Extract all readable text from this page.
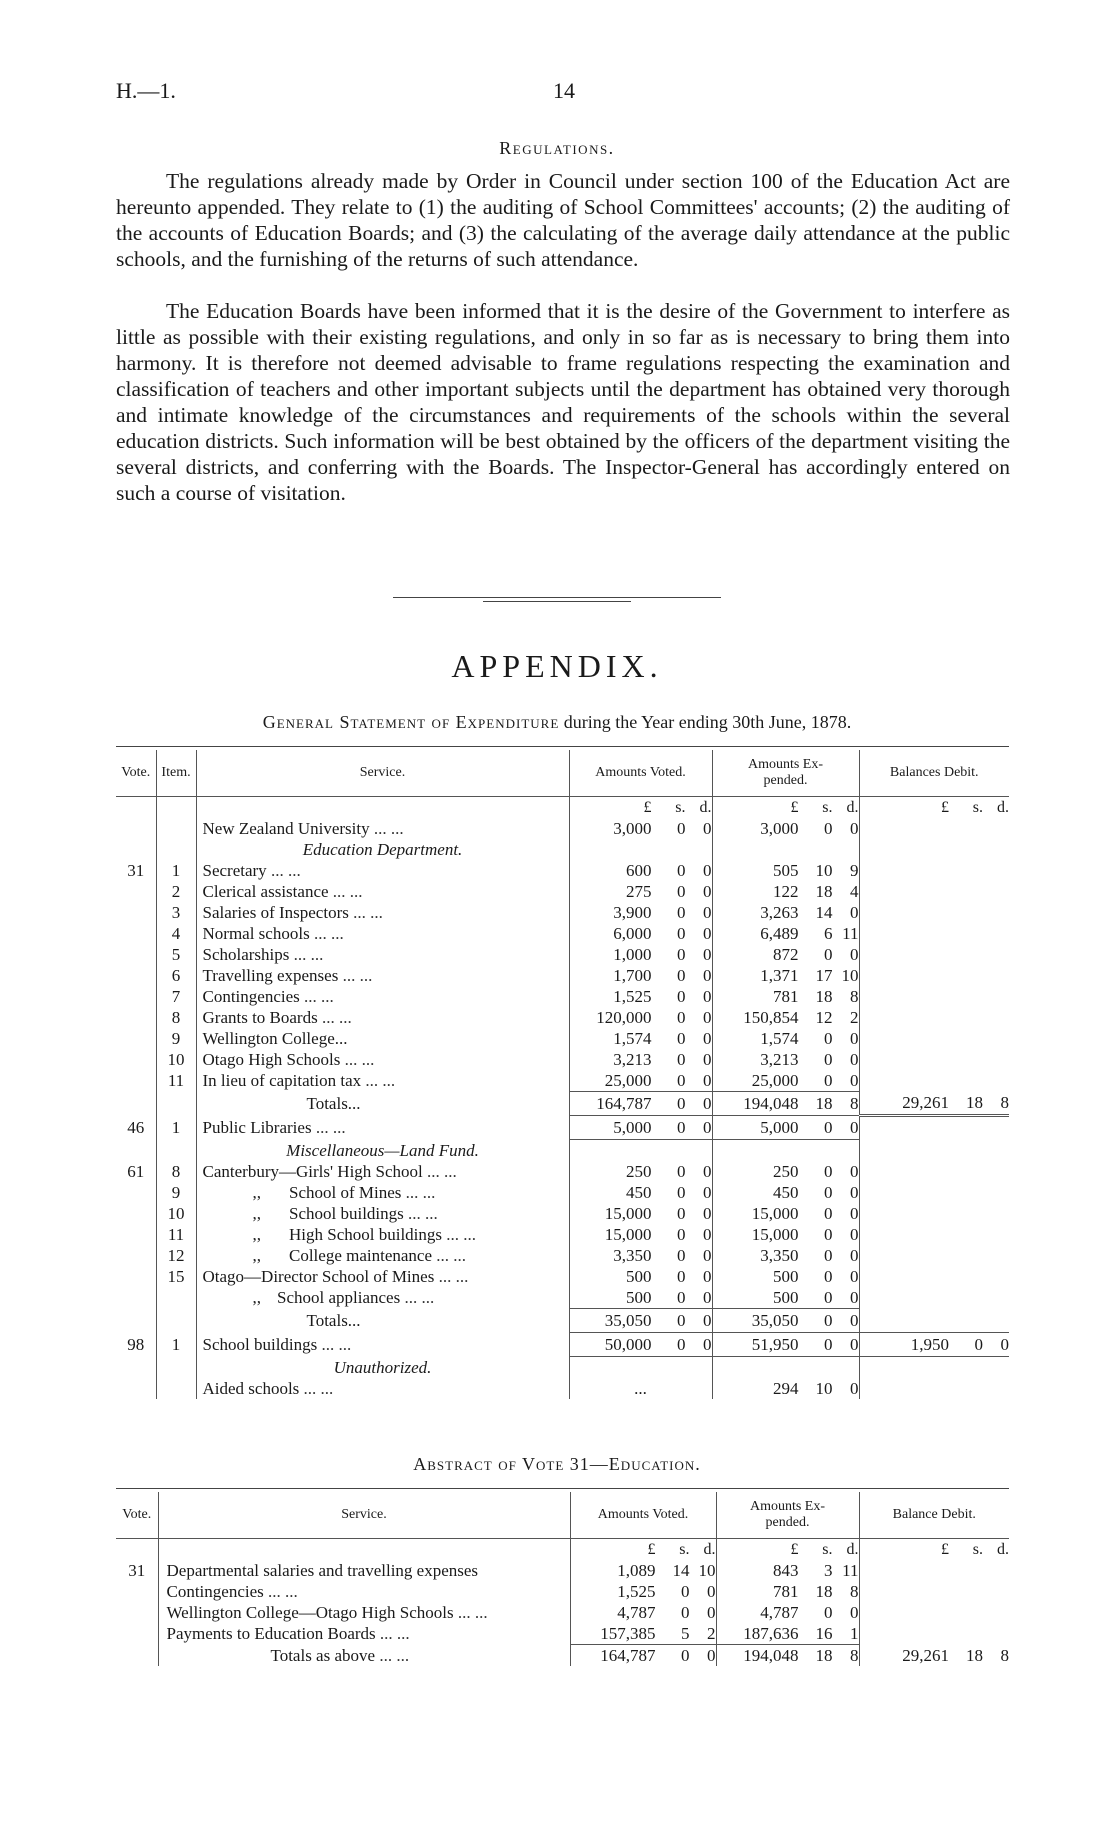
H.—1.	14
Regulations.

The regulations already made by Order in Council under section 100 of the Education Act are hereunto appended. They relate to (1) the auditing of School Committees' accounts; (2) the auditing of the accounts of Education Boards; and (3) the calculating of the average daily attendance at the public schools, and the furnishing of the returns of such attendance.

The Education Boards have been informed that it is the desire of the Government to interfere as little as possible with their existing regulations, and only in so far as is necessary to bring them into harmony. It is therefore not deemed advisable to frame regulations respecting the examination and classification of teachers and other important subjects until the department has obtained very thorough and intimate knowledge of the circumstances and requirements of the schools within the several education districts. Such information will be best obtained by the officers of the department visiting the several districts, and conferring with the Boards. The Inspector-General has accordingly entered on such a course of visitation.

APPENDIX.
General Statement of Expenditure during the Year ending 30th June, 1878.
Vote.	Item.	Service.	Amounts Voted.	Amounts Ex-pended.	Balances Debit.

			£ s. d.	£ s. d.	£ s. d.

		New Zealand University ... ...	3,000 0 0	3,000 0 0	

		Education Department.			
31	1	Secretary ... ...	600 0 0	505 10 9	

	2	Clerical assistance ... ...	275 0 0	122 18 4	

	3	Salaries of Inspectors ... ...	3,900 0 0	3,263 14 0	

	4	Normal schools ... ...	6,000 0 0	6,489 6 11	

	5	Scholarships ... ...	1,000 0 0	872 0 0	

	6	Travelling expenses ... ...	1,700 0 0	1,371 17 10	

	7	Contingencies ... ...	1,525 0 0	781 18 8	

	8	Grants to Boards ... ...	120,000 0 0	150,854 12 2	

	9	Wellington College...	1,574 0 0	1,574 0 0	

	10	Otago High Schools ... ...	3,213 0 0	3,213 0 0	

	11	In lieu of capitation tax ... ...	25,000 0 0	25,000 0 0	

		Totals...	164,787 0 0	194,048 18 8	29,261 18 8

46	1	Public Libraries ... ...	5,000 0 0	5,000 0 0	

		Miscellaneous—Land Fund.			
61	8	Canterbury—Girls' High School ... ...	250 0 0	250 0 0	

	9	,, School of Mines ... ...	450 0 0	450 0 0	

	10	,, School buildings ... ...	15,000 0 0	15,000 0 0	

	11	,, High School buildings ... ...	15,000 0 0	15,000 0 0	

	12	,, College maintenance ... ...	3,350 0 0	3,350 0 0	

	15	Otago—Director School of Mines ... ...	500 0 0	500 0 0	

		,, School appliances ... ...	500 0 0	500 0 0	

		Totals...	35,050 0 0	35,050 0 0	

98	1	School buildings ... ...	50,000 0 0	51,950 0 0	1,950 0 0

		Unauthorized.			
		Aided schools ... ...	...	294 10 0	

Abstract of Vote 31—Education.
Vote.	Service.	Amounts Voted.	Amounts Ex-pended.	Balance Debit.

		£ s. d.	£ s. d.	£ s. d.

31	Departmental salaries and travelling expenses	1,089 14 10	843 3 11	

	Contingencies ... ...	1,525 0 0	781 18 8	

	Wellington College—Otago High Schools ... ...	4,787 0 0	4,787 0 0	

	Payments to Education Boards ... ...	157,385 5 2	187,636 16 1	

	Totals as above ... ...	164,787 0 0	194,048 18 8	29,261 18 8
